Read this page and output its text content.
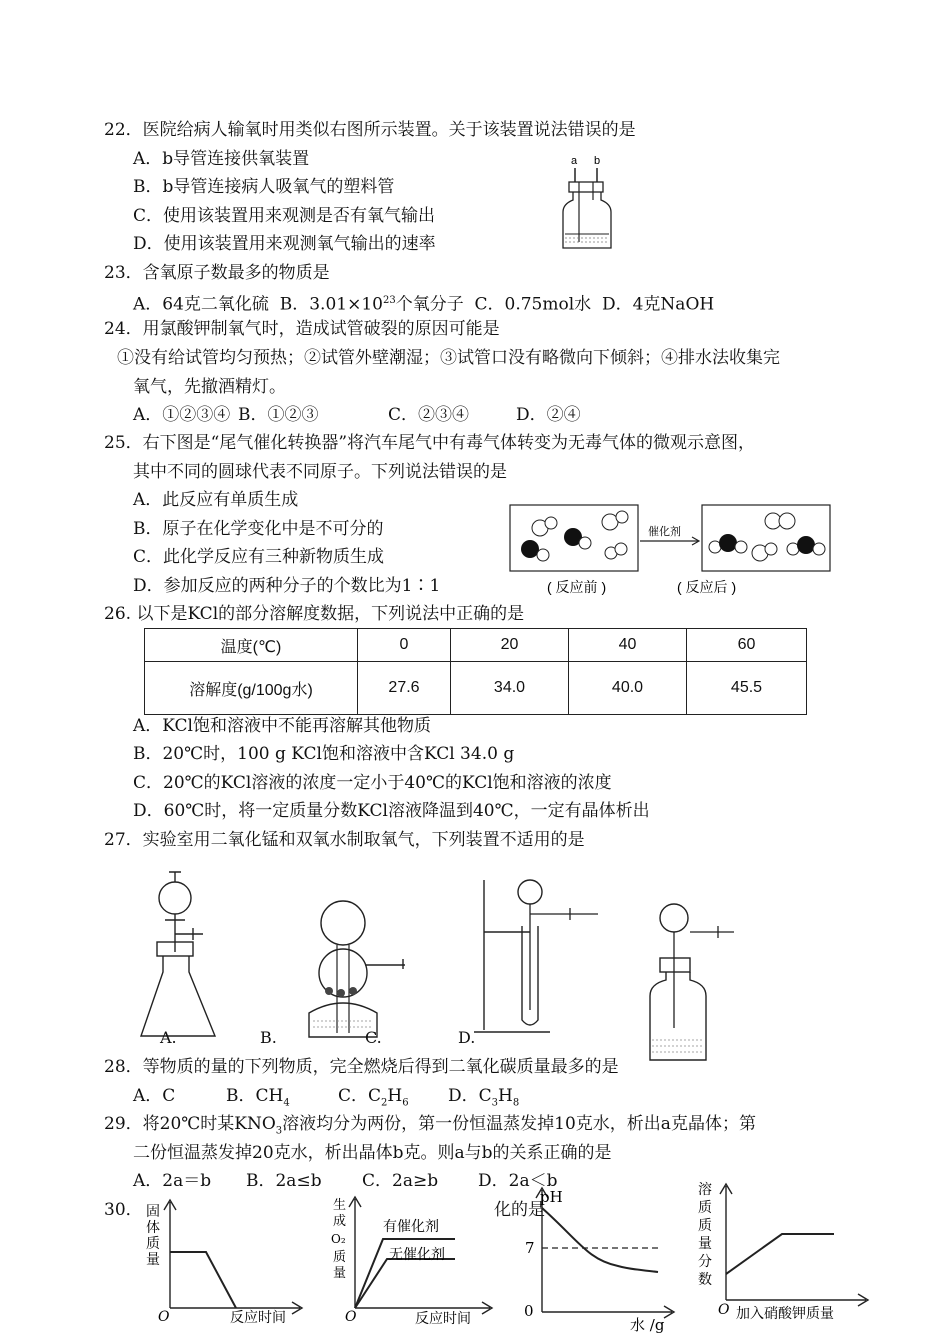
22．医院给病人输氧时用类似右图所示装置。关于该装置说法错误的是
A．b导管连接供氧装置
B．b导管连接病人吸氧气的塑料管
C．使用该装置用来观测是否有氧气输出
D．使用该装置用来观测氧气输出的速率
a b
23．含氧原子数最多的物质是
A．64克二氧化硫 B．$3.01\times 10^{23}$个氧分子 C．0.75mol水 D．4克NaOH
24．用氯酸钾制氧气时，造成试管破裂的原因可能是
①没有给试管均匀预热；②试管外壁潮湿；③试管口没有略微向下倾斜；④排水法收集完
氧气，先撤酒精灯。
A．①②③④ B．①②③	C．②③④	D．②④
25．右下图是“尾气催化转换器”将汽车尾气中有毒气体转变为无毒气体的微观示意图，
其中不同的圆球代表不同原子。下列说法错误的是
A．此反应有单质生成
B．原子在化学变化中是不可分的
C．此化学反应有三种新物质生成
D．参加反应的两种分子的个数比为1∶1
催化剂
( 反应前 )	( 反应后 )
26. 以下是KCl的部分溶解度数据，下列说法中正确的是
温度(℃)	0	20	40	60
溶解度(g/100g水)	27.6	34.0	40.0	45.5
A．KCl饱和溶液中不能再溶解其他物质
B．20℃时，100 g KCl饱和溶液中含KCl 34.0 g
C．20℃的KCl溶液的浓度一定小于40℃的KCl饱和溶液的浓度
D．60℃时，将一定质量分数KCl溶液降温到40℃，一定有晶体析出
27．实验室用二氧化锰和双氧水制取氧气，下列装置不适用的是
A.	B.	C.	D.
28．等物质的量的下列物质，完全燃烧后得到二氧化碳质量最多的是
A．C	B．$CH_4$	C．$C_2H_6$ D．$C_3H_8$
29．将20℃时某$KNO_3$溶液均分为两份，第一份恒温蒸发掉10克水，析出a克晶体；第
二份恒温蒸发掉20克水，析出晶体b克。则a与b的关系正确的是
A．2a＝b B．2a≤b C．2a≥b D．2a＜b
30．	化的是
固
体
质
量
O	反应时间
有催化剂
无催化剂
生
成
O₂
质
量
O	反应时间
pH
7
0
水 /g
溶
质
质
量
分
数
O 加入硝酸钾质量
